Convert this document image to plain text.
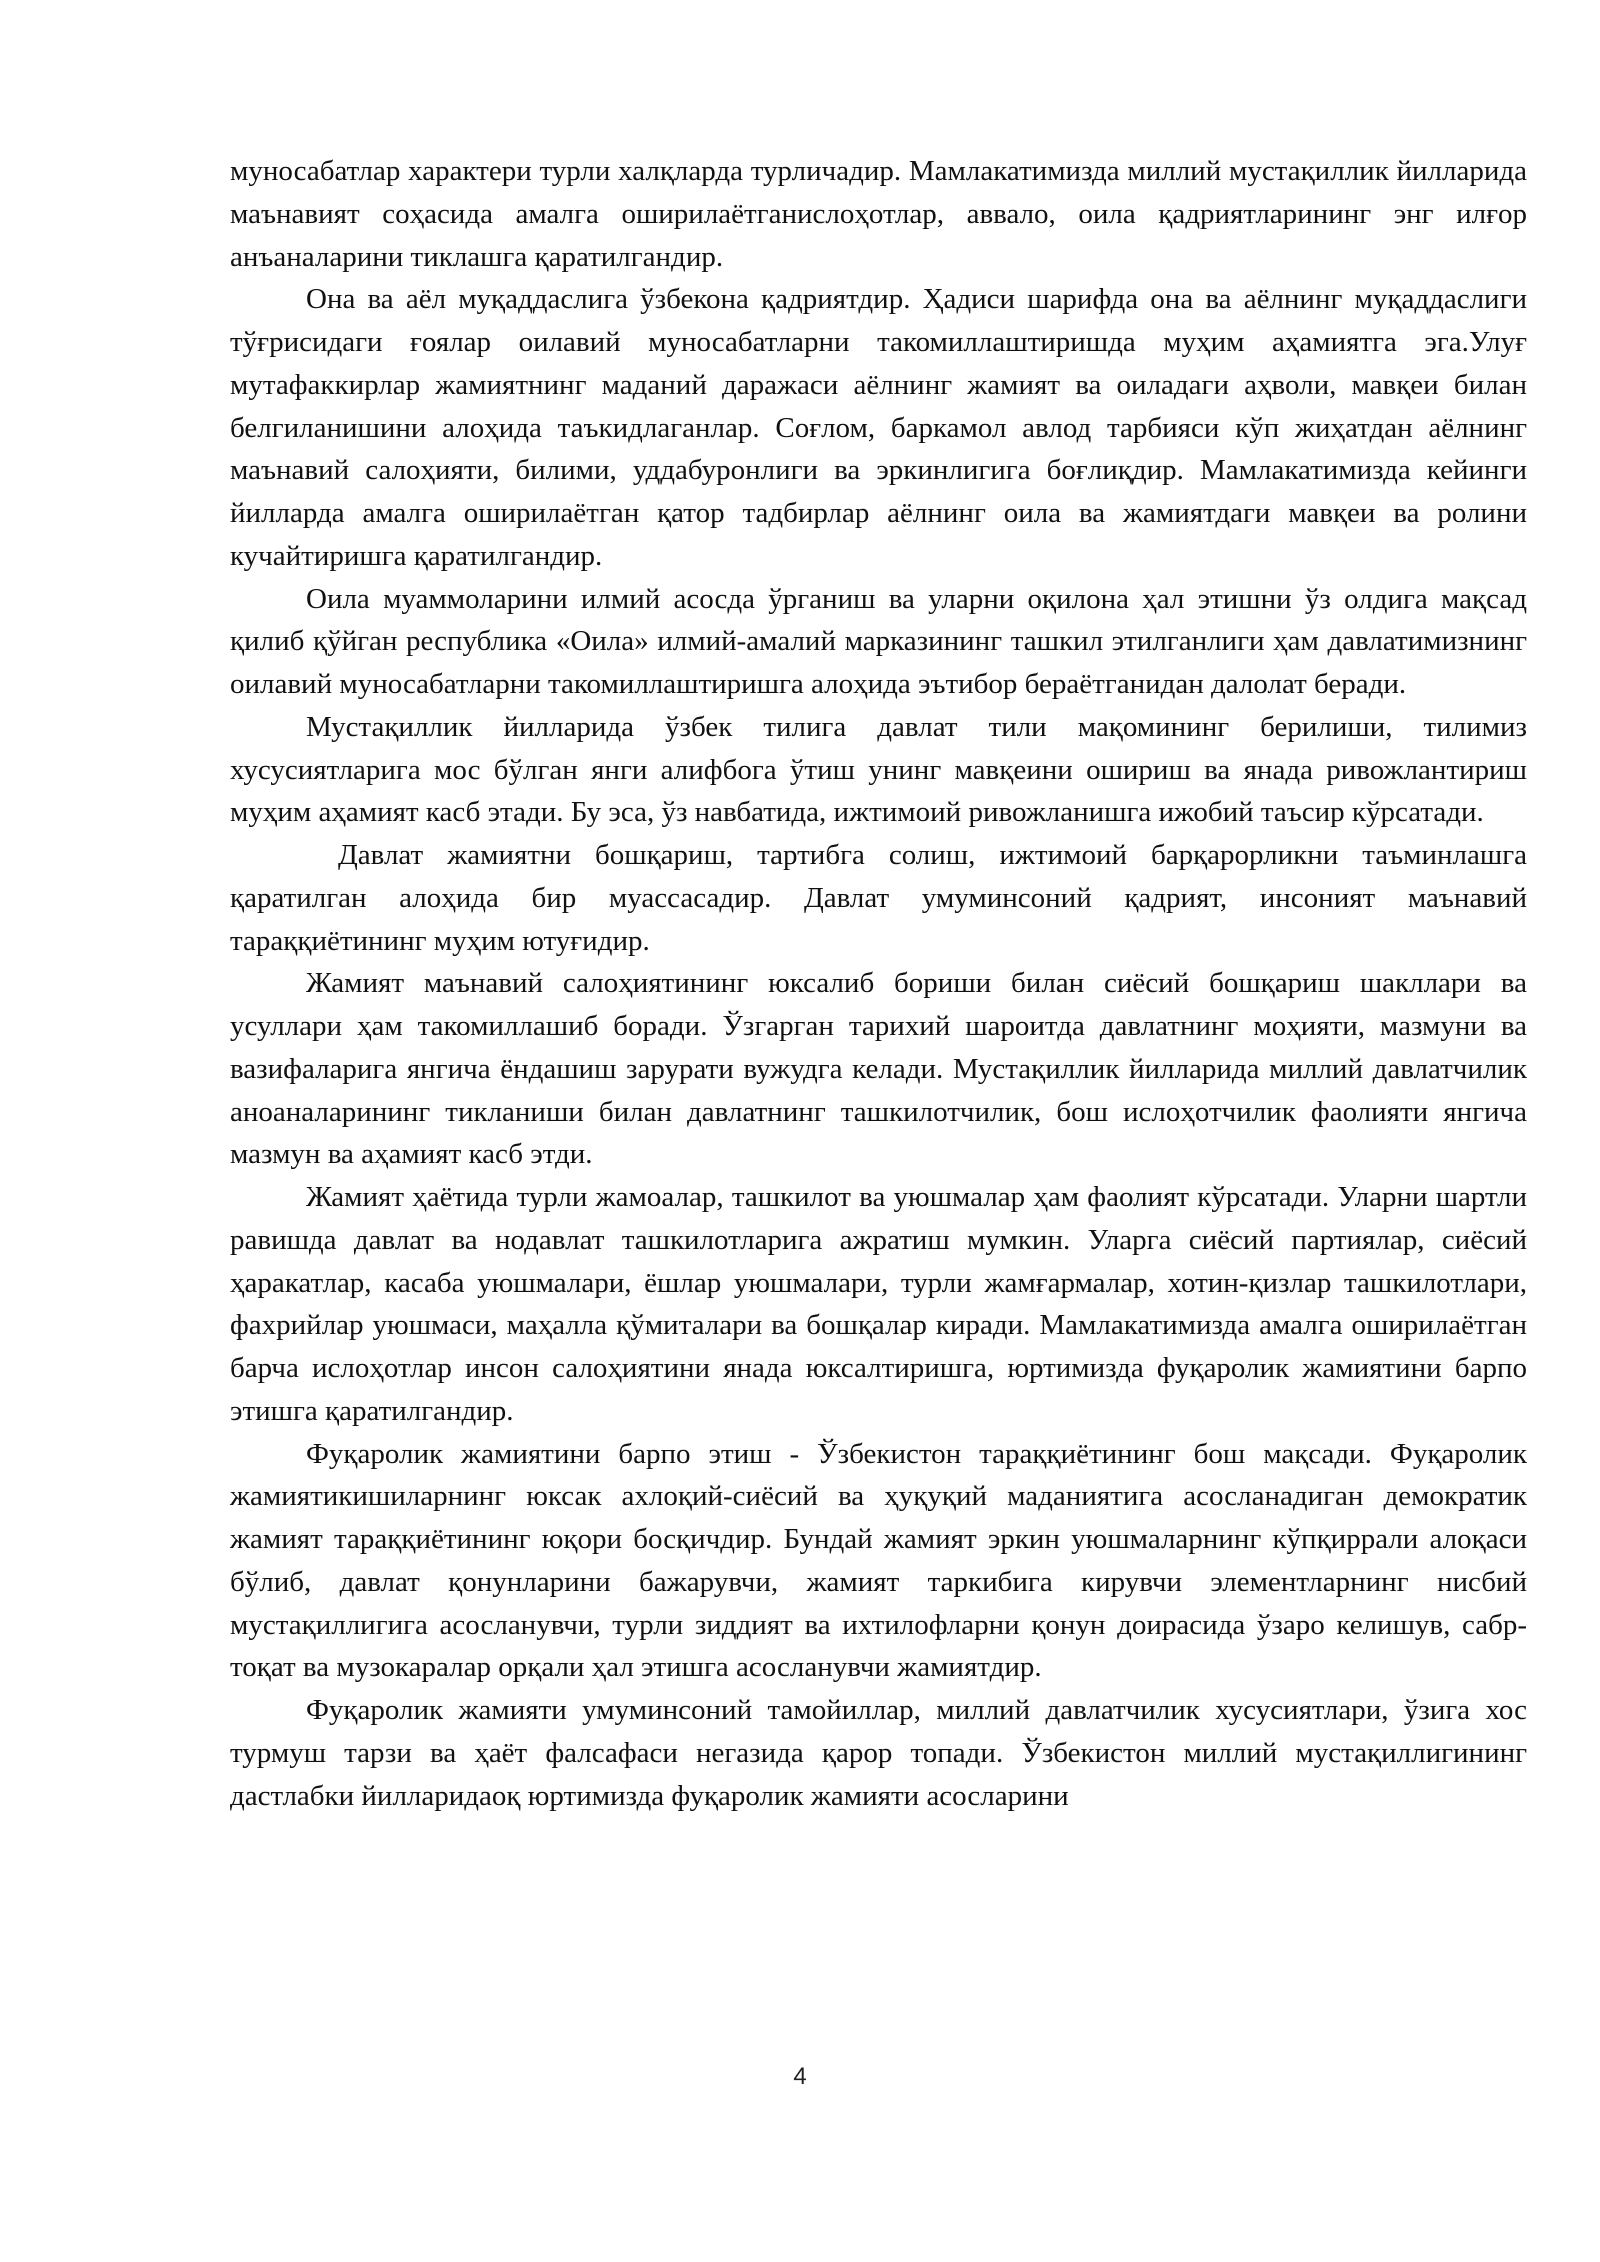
муносабатлар характери турли халқларда турличадир. Мамлакатимизда миллий мустақиллик йилларида маънавият соҳасида амалга оширилаётганислоҳотлар, аввало, оила қадриятларининг энг илғор анъаналарини тиклашга қаратилгандир.

Она ва аёл муқаддаслига ўзбекона қадриятдир. Ҳадиси шарифда она ва аёлнинг муқаддаслиги тўғрисидаги ғоялар оилавий муносабатларни такомиллаштиришда муҳим аҳамиятга эга.Улуғ мутафаккирлар жамиятнинг маданий даражаси аёлнинг жамият ва оиладаги аҳволи, мавқеи билан белгиланишини алоҳида таъкидлаганлар. Соғлом, баркамол авлод тарбияси кўп жиҳатдан аёлнинг маънавий салоҳияти, билими, уддабуронлиги ва эркинлигига боғлиқдир. Мамлакатимизда кейинги йилларда амалга оширилаётган қатор тадбирлар аёлнинг оила ва жамиятдаги мавқеи ва ролини кучайтиришга қаратилгандир.

Оила муаммоларини илмий асосда ўрганиш ва уларни оқилона ҳал этишни ўз олдига мақсад қилиб қўйган республика «Оила» илмий-амалий марказининг ташкил этилганлиги ҳам давлатимизнинг оилавий муносабатларни такомиллаштиришга алоҳида эътибор бераётганидан далолат беради.

Мустақиллик йилларида ўзбек тилига давлат тили мақомининг берилиши, тилимиз хусусиятларига мос бўлган янги алифбога ўтиш унинг мавқеини ошириш ва янада ривожлантириш муҳим аҳамият касб этади. Бу эса, ўз навбатида, ижтимоий ривожланишга ижобий таъсир кўрсатади.

Давлат жамиятни бошқариш, тартибга солиш, ижтимоий барқарорликни таъминлашга қаратилган алоҳида бир муассасадир. Давлат умуминсоний қадрият, инсоният маънавий тараққиётининг муҳим ютуғидир.

Жамият маънавий салоҳиятининг юксалиб бориши билан сиёсий бошқариш шакллари ва усуллари ҳам такомиллашиб боради. Ўзгарган тарихий шароитда давлатнинг моҳияти, мазмуни ва вазифаларига янгича ёндашиш зарурати вужудга келади. Мустақиллик йилларида миллий давлатчилик аноаналарининг тикланиши билан давлатнинг ташкилотчилик, бош ислоҳотчилик фаолияти янгича мазмун ва аҳамият касб этди.

Жамият ҳаётида турли жамоалар, ташкилот ва уюшмалар ҳам фаолият кўрсатади. Уларни шартли равишда давлат ва нодавлат ташкилотларига ажратиш мумкин. Уларга сиёсий партиялар, сиёсий ҳаракатлар, касаба уюшмалари, ёшлар уюшмалари, турли жамғармалар, хотин-қизлар ташкилотлари, фахрийлар уюшмаси, маҳалла қўмиталари ва бошқалар киради. Мамлакатимизда амалга оширилаётган барча ислоҳотлар инсон салоҳиятини янада юксалтиришга, юртимизда фуқаролик жамиятини барпо этишга қаратилгандир.

Фуқаролик жамиятини барпо этиш - Ўзбекистон тараққиётининг бош мақсади. Фуқаролик жамиятикишиларнинг юксак ахлоқий-сиёсий ва ҳуқуқий маданиятига асосланадиган демократик жамият тараққиётининг юқори босқичдир. Бундай жамият эркин уюшмаларнинг кўпқиррали алоқаси бўлиб, давлат қонунларини бажарувчи, жамият таркибига кирувчи элементларнинг нисбий мустақиллигига асосланувчи, турли зиддият ва ихтилофларни қонун доирасида ўзаро келишув, сабр-тоқат ва музокаралар орқали ҳал этишга асосланувчи жамиятдир.

Фуқаролик жамияти умуминсоний тамойиллар, миллий давлатчилик хусусиятлари, ўзига хос турмуш тарзи ва ҳаёт фалсафаси негазида қарор топади. Ўзбекистон миллий мустақиллигининг дастлабки йилларидаоқ юртимизда фуқаролик жамияти асосларини

4
